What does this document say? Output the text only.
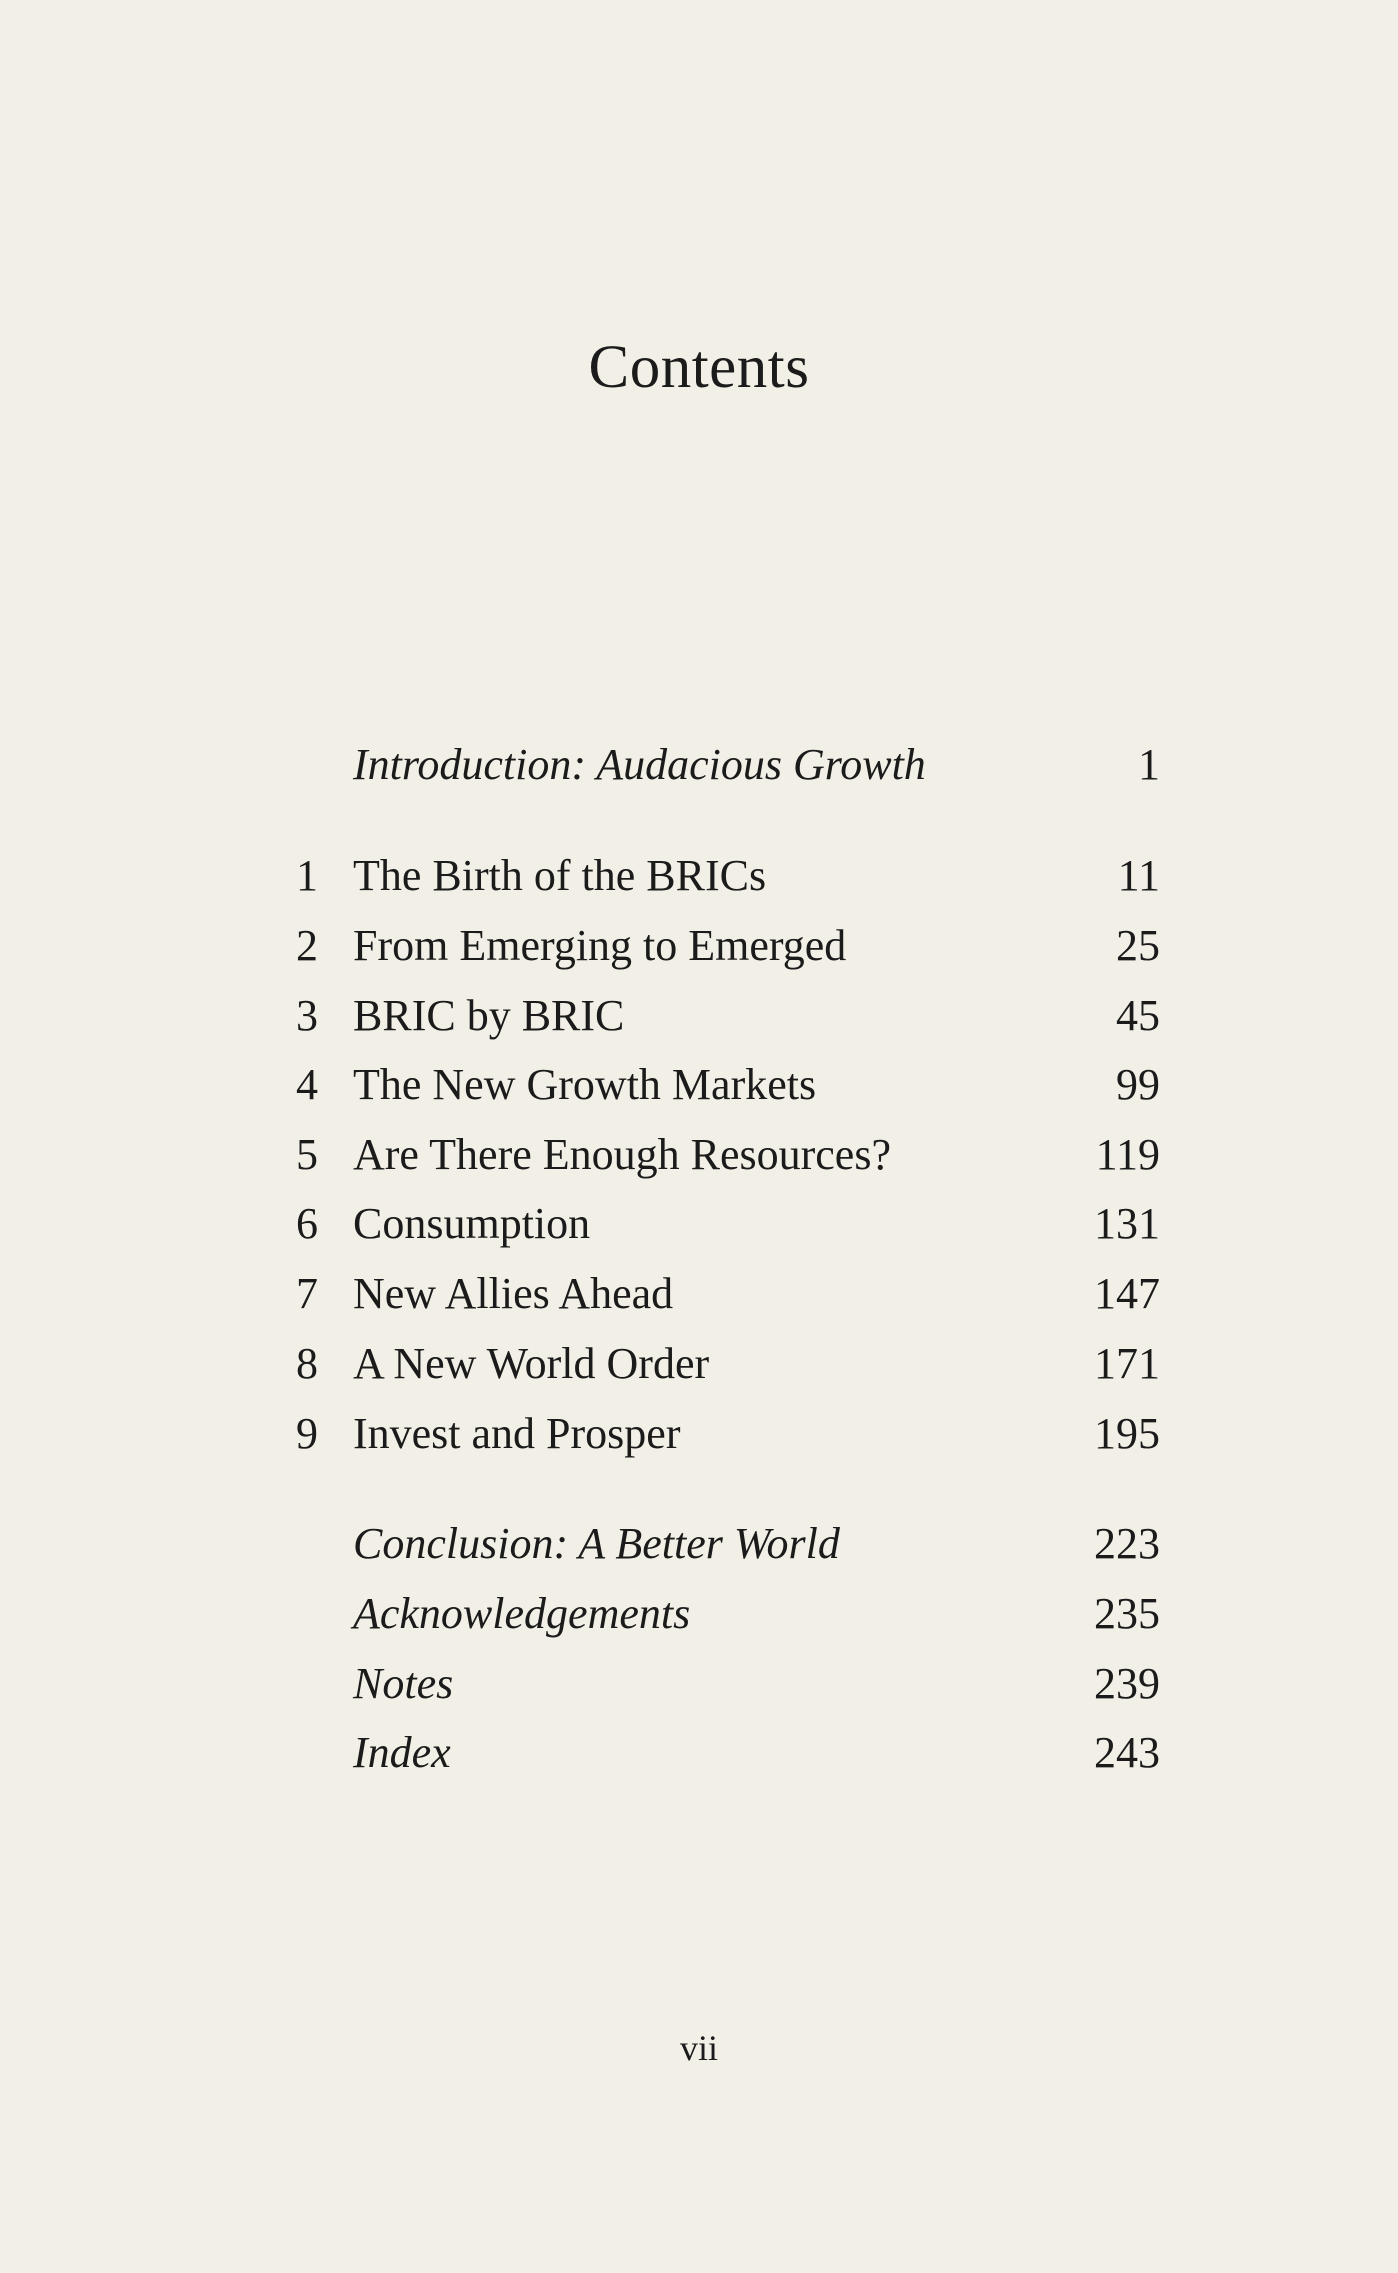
Contents
Introduction: Audacious Growth	1
1 The Birth of the BRICs	11
2 From Emerging to Emerged	25
3 BRIC by BRIC	45
4 The New Growth Markets	99
5 Are There Enough Resources?	119
6 Consumption	131
7 New Allies Ahead	147
8 A New World Order	171
9 Invest and Prosper	195
Conclusion: A Better World	223
Acknowledgements	235
Notes	239
Index	243
vii
